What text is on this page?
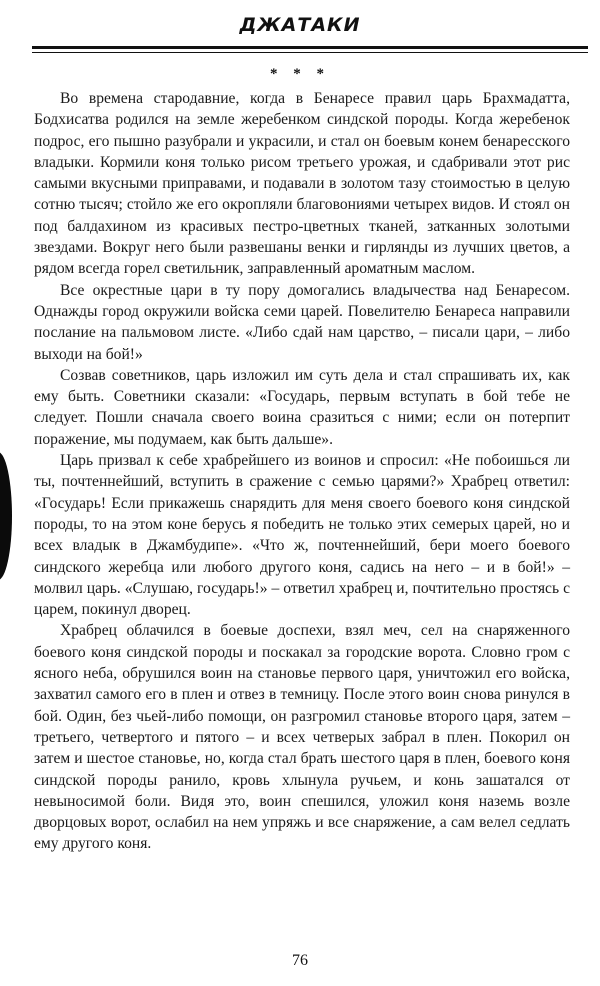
ДЖАТАКИ
* * *

Во времена стародавние, когда в Бенаресе правил царь Брахмадатта, Бодхисатва родился на земле жеребенком синдской породы. Когда жеребенок подрос, его пышно разубрали и украсили, и стал он боевым конем бенаресского владыки. Кормили коня только рисом третьего урожая, и сдабривали этот рис самыми вкусными приправами, и подавали в золотом тазу стоимостью в целую сотню тысяч; стойло же его окропляли благовониями четырех видов. И стоял он под балдахином из красивых пестро-цветных тканей, затканных золотыми звездами. Вокруг него были развешаны венки и гирлянды из лучших цветов, а рядом всегда горел светильник, заправленный ароматным маслом.

Все окрестные цари в ту пору домогались владычества над Бенаресом. Однажды город окружили войска семи царей. Повелителю Бенареса направили послание на пальмовом листе. «Либо сдай нам царство, – писали цари, – либо выходи на бой!»

Созвав советников, царь изложил им суть дела и стал спрашивать их, как ему быть. Советники сказали: «Государь, первым вступать в бой тебе не следует. Пошли сначала своего воина сразиться с ними; если он потерпит поражение, мы подумаем, как быть дальше».

Царь призвал к себе храбрейшего из воинов и спросил: «Не побоишься ли ты, почтеннейший, вступить в сражение с семью царями?» Храбрец ответил: «Государь! Если прикажешь снарядить для меня своего боевого коня синдской породы, то на этом коне берусь я победить не только этих семерых царей, но и всех владык в Джамбудипе». «Что ж, почтеннейший, бери моего боевого синдского жеребца или любого другого коня, садись на него – и в бой!» – молвил царь. «Слушаю, государь!» – ответил храбрец и, почтительно простясь с царем, покинул дворец.

Храбрец облачился в боевые доспехи, взял меч, сел на снаряженного боевого коня синдской породы и поскакал за городские ворота. Словно гром с ясного неба, обрушился воин на становье первого царя, уничтожил его войска, захватил самого его в плен и отвез в темницу. После этого воин снова ринулся в бой. Один, без чьей-либо помощи, он разгромил становье второго царя, затем – третьего, четвертого и пятого – и всех четверых забрал в плен. Покорил он затем и шестое становье, но, когда стал брать шестого царя в плен, боевого коня синдской породы ранило, кровь хлынула ручьем, и конь зашатался от невыносимой боли. Видя это, воин спешился, уложил коня наземь возле дворцовых ворот, ослабил на нем упряжь и все снаряжение, а сам велел седлать ему другого коня.

76
